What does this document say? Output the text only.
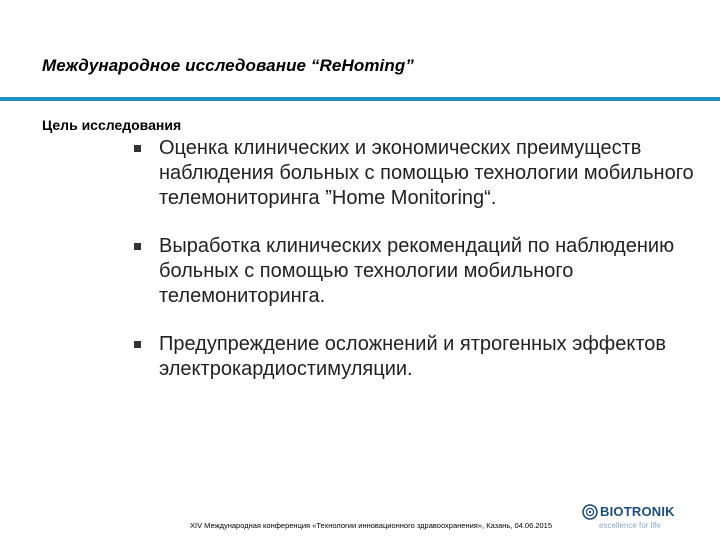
Международное исследование “ReHoming”
Цель исследования
Оценка клинических и экономических преимуществ наблюдения больных с помощью технологии мобильного телемониторинга ”Home Monitoring“.
Выработка клинических рекомендаций по наблюдению больных с помощью технологии мобильного телемониторинга.
Предупреждение осложнений и ятрогенных эффектов электрокардиостимуляции.
XIV Международная конференция «Технологии инновационного здравоохранения», Казань, 04.06.2015
BIOTRONIK
excellence for life
